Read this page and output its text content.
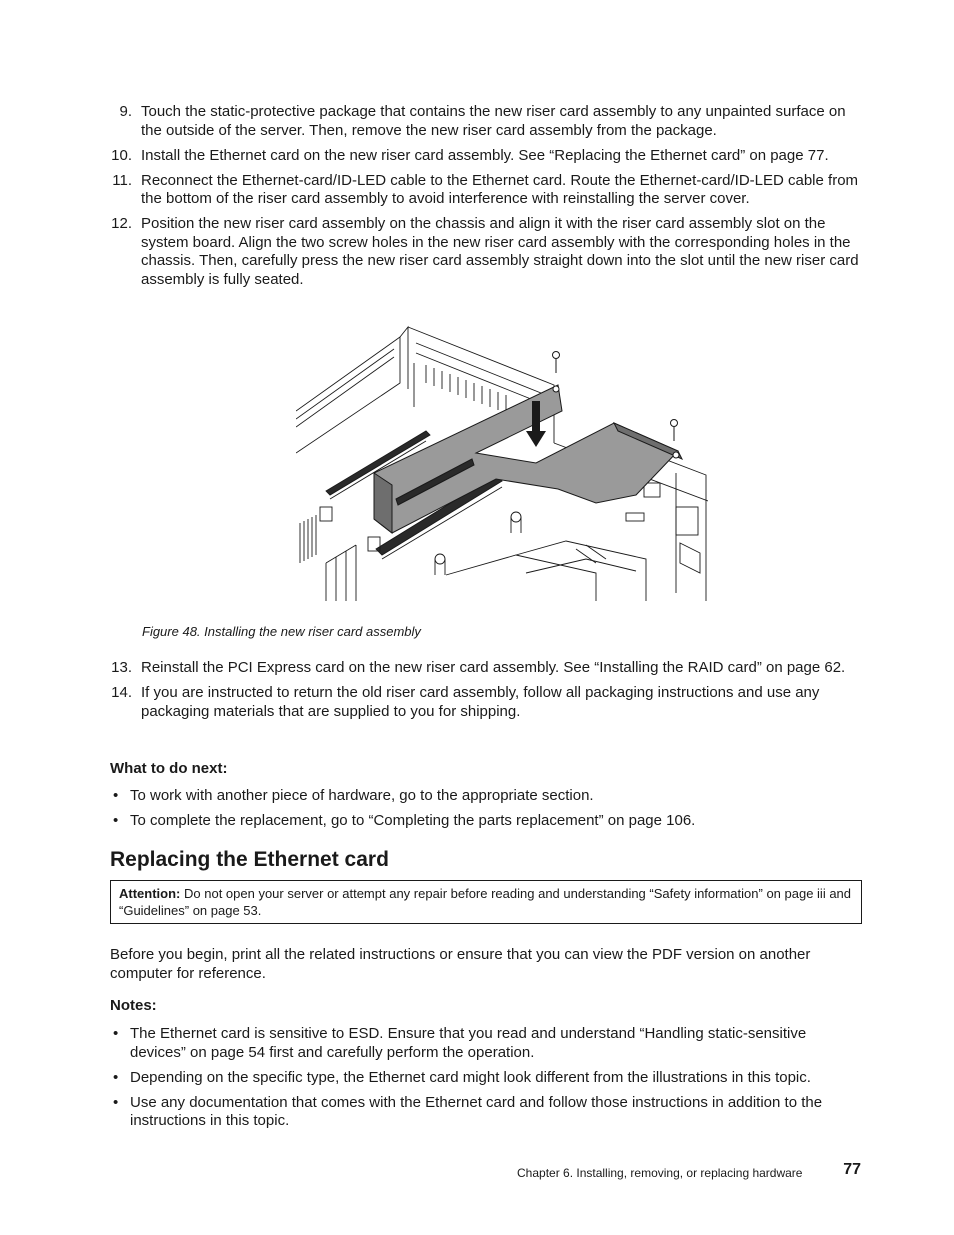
9. Touch the static-protective package that contains the new riser card assembly to any unpainted surface on the outside of the server. Then, remove the new riser card assembly from the package.
10. Install the Ethernet card on the new riser card assembly. See “Replacing the Ethernet card” on page 77.
11. Reconnect the Ethernet-card/ID-LED cable to the Ethernet card. Route the Ethernet-card/ID-LED cable from the bottom of the riser card assembly to avoid interference with reinstalling the server cover.
12. Position the new riser card assembly on the chassis and align it with the riser card assembly slot on the system board. Align the two screw holes in the new riser card assembly with the corresponding holes in the chassis. Then, carefully press the new riser card assembly straight down into the slot until the new riser card assembly is fully seated.
Figure 48. Installing the new riser card assembly
13. Reinstall the PCI Express card on the new riser card assembly. See “Installing the RAID card” on page 62.
14. If you are instructed to return the old riser card assembly, follow all packaging instructions and use any packaging materials that are supplied to you for shipping.
What to do next:
• To work with another piece of hardware, go to the appropriate section.
• To complete the replacement, go to “Completing the parts replacement” on page 106.
Replacing the Ethernet card
Attention: Do not open your server or attempt any repair before reading and understanding “Safety information” on page iii and “Guidelines” on page 53.
Before you begin, print all the related instructions or ensure that you can view the PDF version on another computer for reference.
Notes:
• The Ethernet card is sensitive to ESD. Ensure that you read and understand “Handling static-sensitive devices” on page 54 first and carefully perform the operation.
• Depending on the specific type, the Ethernet card might look different from the illustrations in this topic.
• Use any documentation that comes with the Ethernet card and follow those instructions in addition to the instructions in this topic.
Chapter 6. Installing, removing, or replacing hardware	77
